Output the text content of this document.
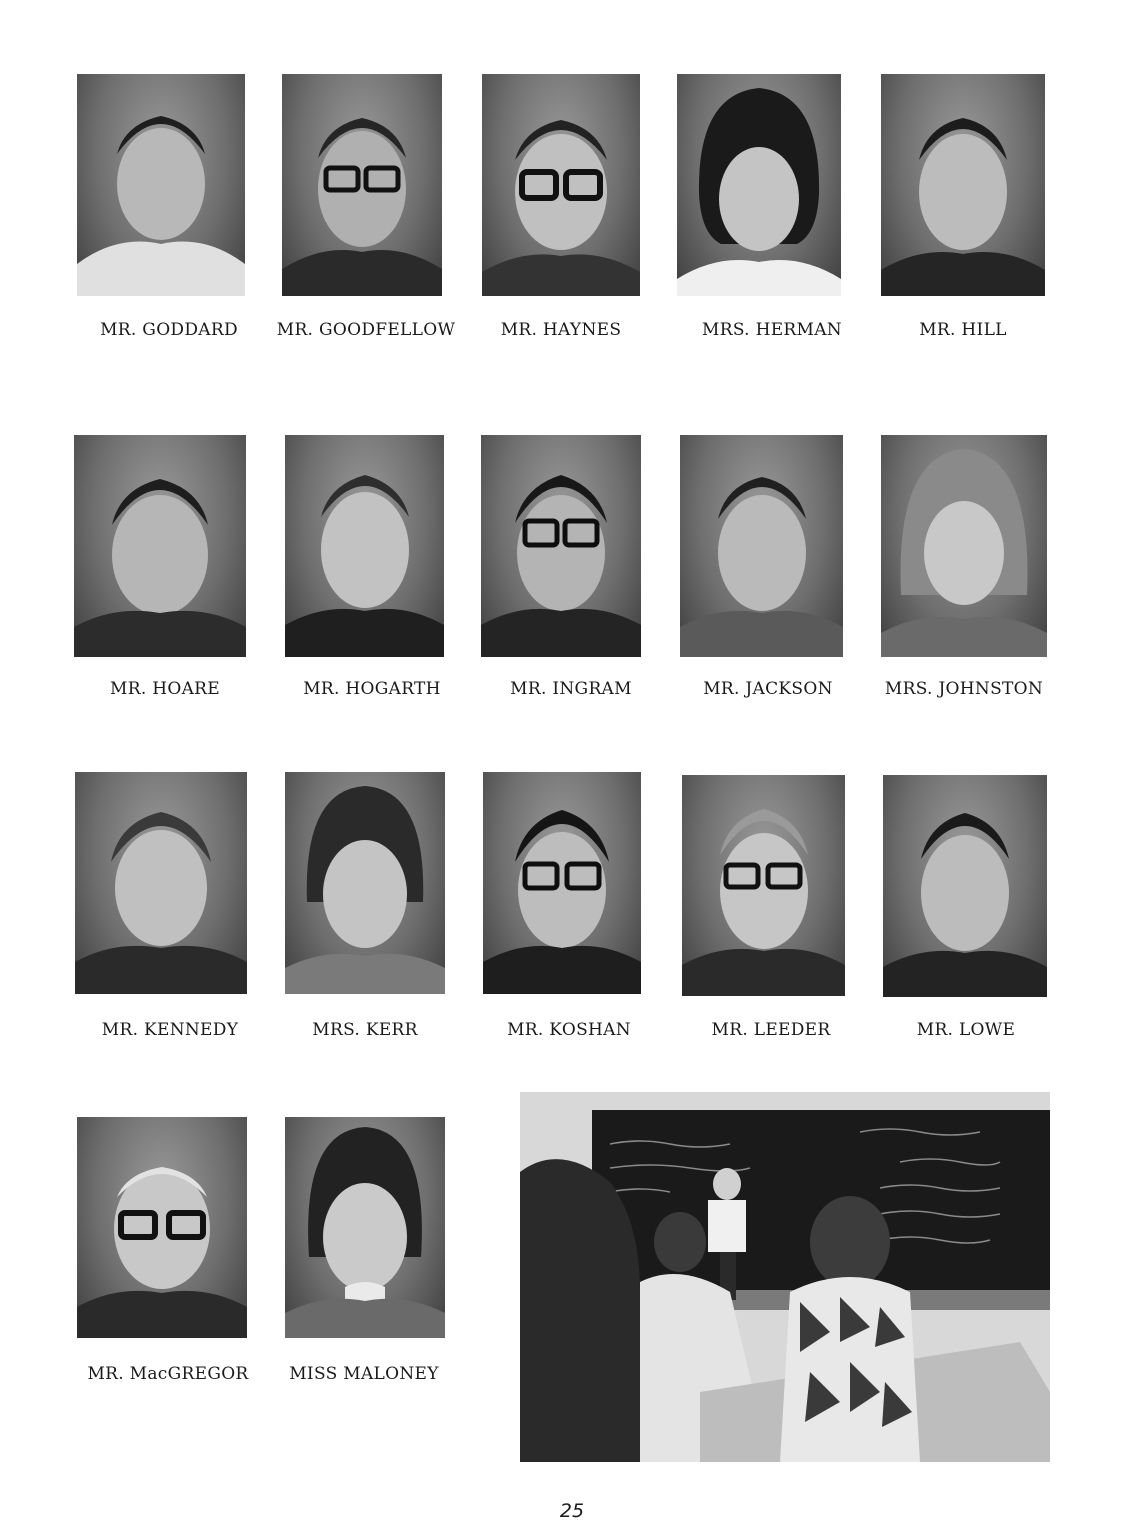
MR. GODDARD	MR. GOODFELLOW	MR. HAYNES	MRS. HERMAN	MR. HILL
MR. HOARE	MR. HOGARTH	MR. INGRAM	MR. JACKSON	MRS. JOHNSTON
MR. KENNEDY	MRS. KERR	MR. KOSHAN	MR. LEEDER	MR. LOWE
MR. MacGREGOR	MISS MALONEY
25
